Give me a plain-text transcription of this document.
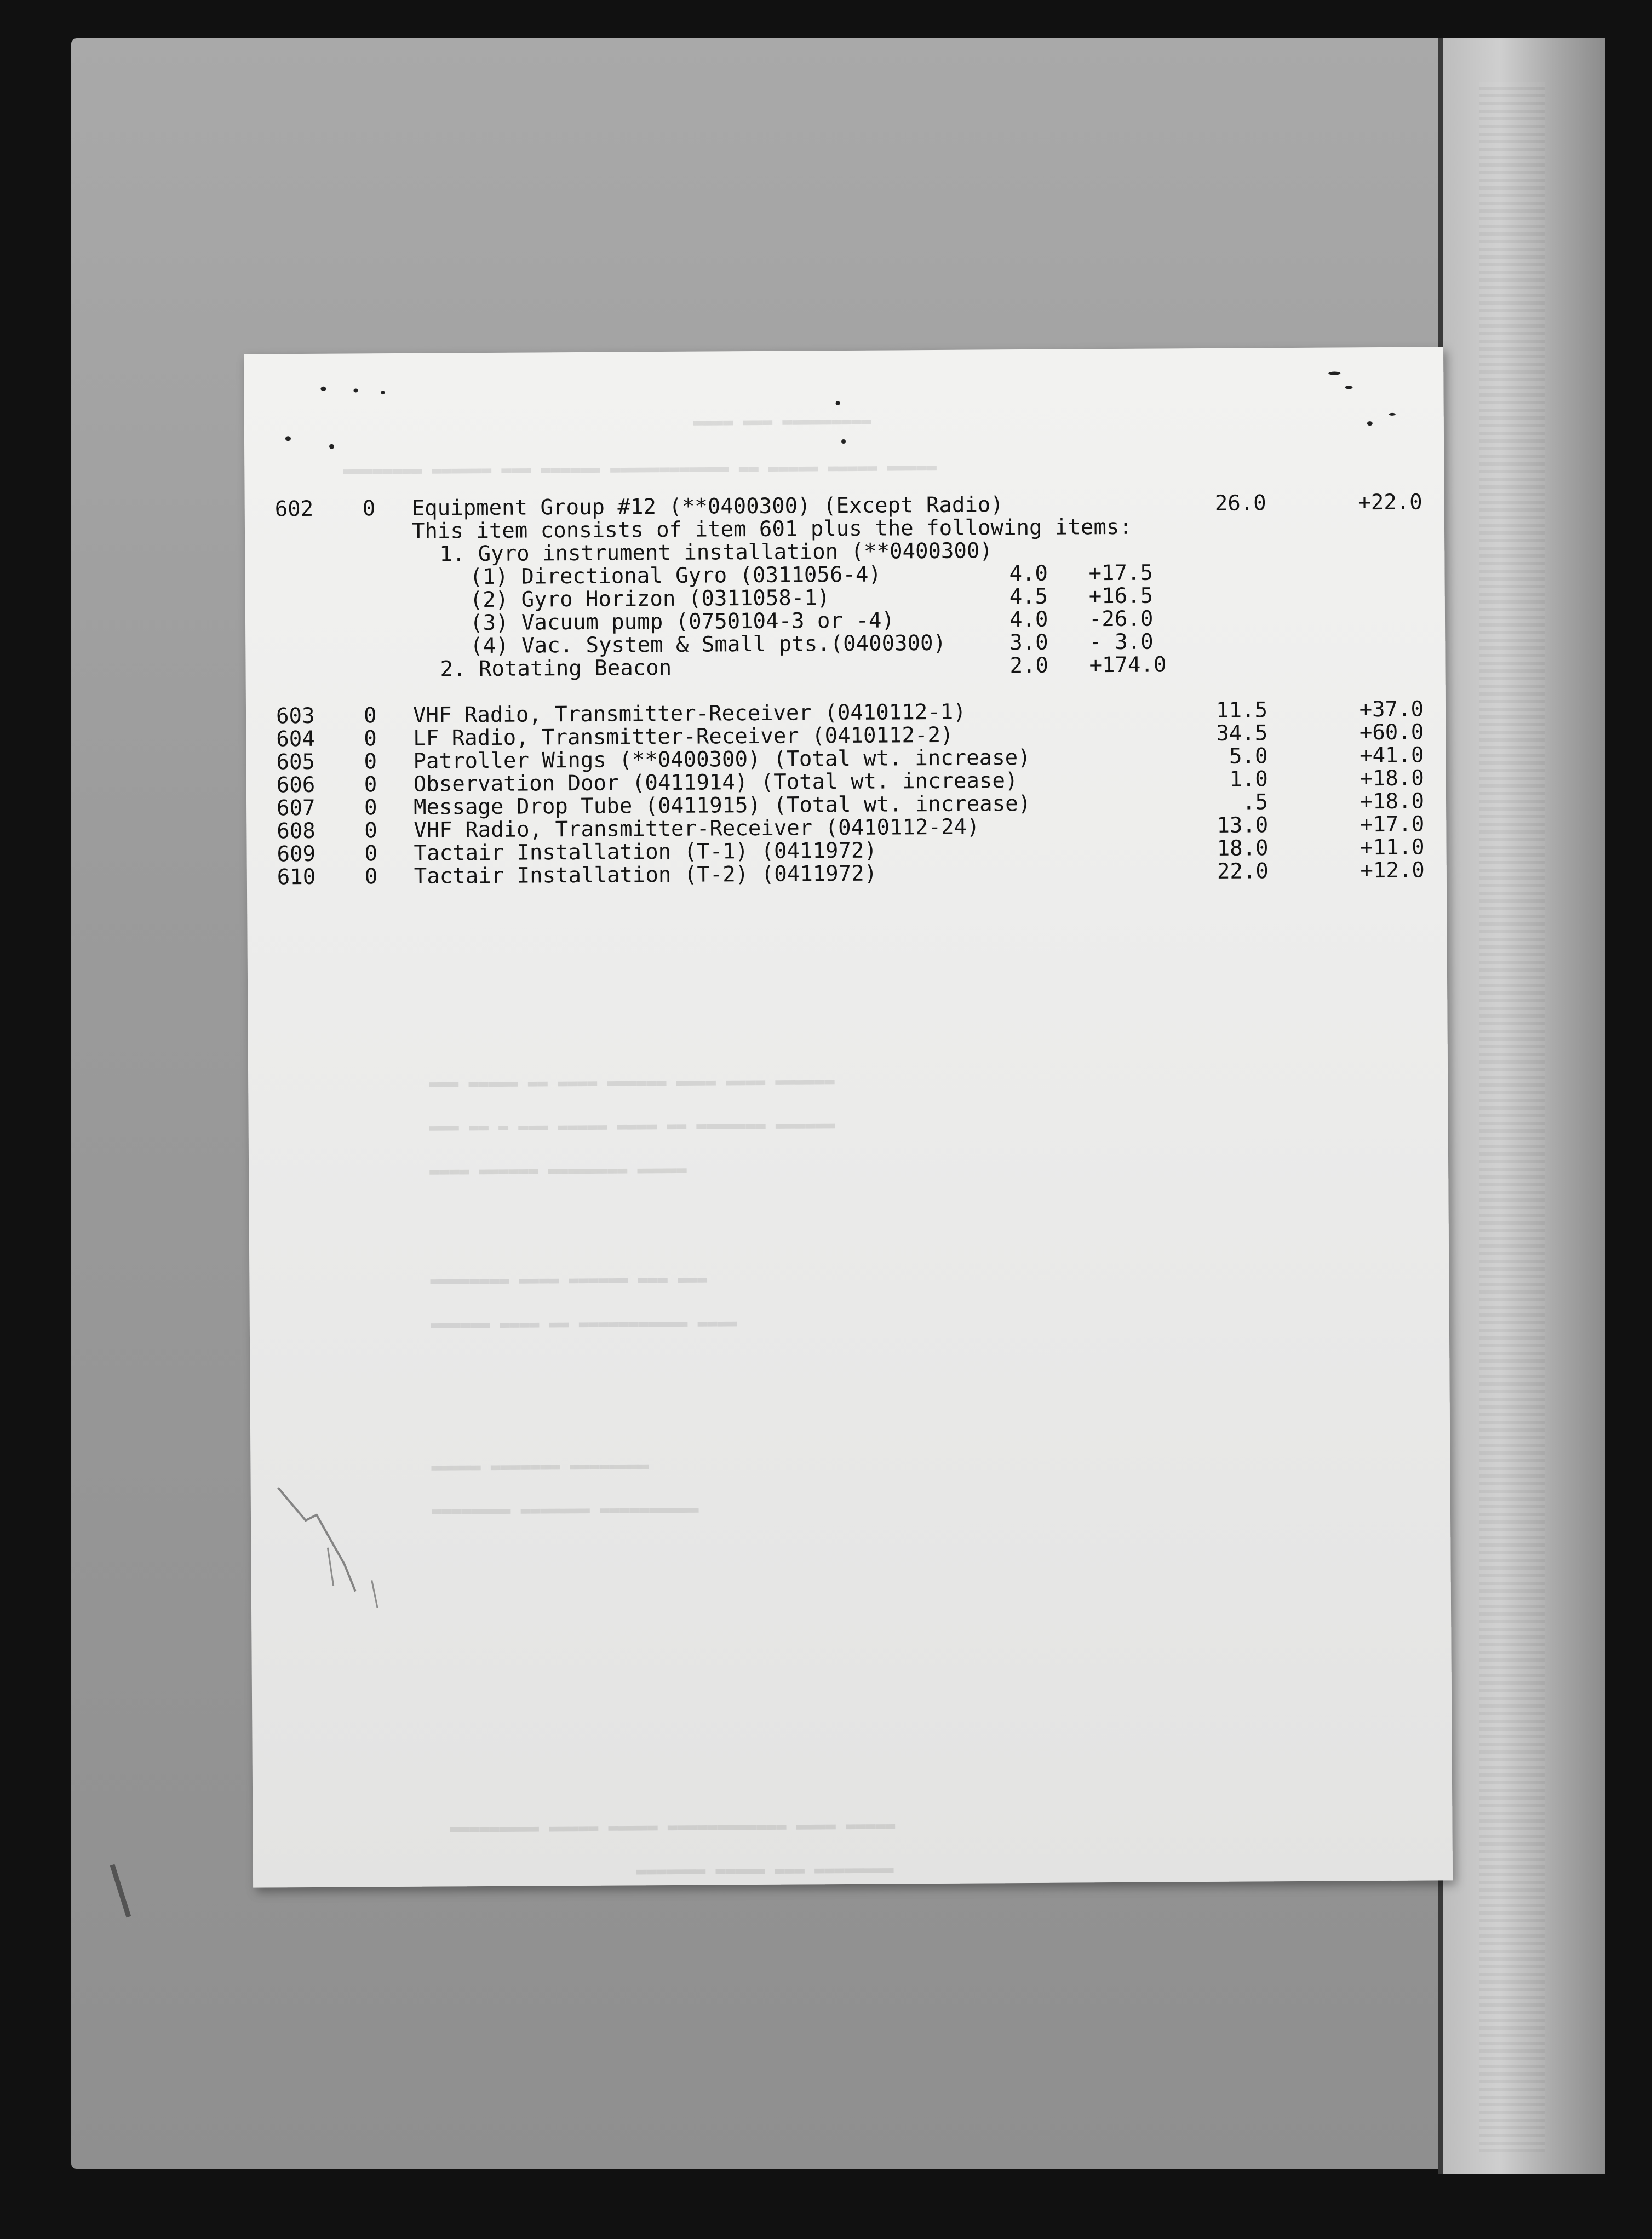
▬▬▬▬ ▬▬▬ ▬▬▬▬▬▬▬▬▬
▬▬▬▬▬▬▬▬ ▬▬▬▬▬▬ ▬▬▬ ▬▬▬▬▬▬ ▬▬▬▬▬▬▬▬▬▬▬▬ ▬▬ ▬▬▬▬▬ ▬▬▬▬▬ ▬▬▬▬▬
▬▬▬ ▬▬▬▬▬ ▬▬ ▬▬▬▬ ▬▬▬▬▬▬ ▬▬▬▬ ▬▬▬▬ ▬▬▬▬▬▬
▬▬▬ ▬▬ ▬ ▬▬▬ ▬▬▬▬▬ ▬▬▬▬ ▬▬ ▬▬▬▬▬▬▬ ▬▬▬▬▬▬
▬▬▬▬ ▬▬▬▬▬▬ ▬▬▬▬▬▬▬▬ ▬▬▬▬▬
▬▬▬▬▬▬▬▬ ▬▬▬▬ ▬▬▬▬▬▬ ▬▬▬ ▬▬▬
▬▬▬▬▬▬ ▬▬▬▬ ▬▬ ▬▬▬▬▬▬▬▬▬▬▬ ▬▬▬▬
▬▬▬▬▬ ▬▬▬▬▬▬▬ ▬▬▬▬▬▬▬▬
▬▬▬▬▬▬▬▬ ▬▬▬▬▬▬▬ ▬▬▬▬▬▬▬▬▬▬
▬▬▬▬▬▬▬▬▬ ▬▬▬▬▬ ▬▬▬▬▬ ▬▬▬▬▬▬▬▬▬▬▬▬ ▬▬▬▬ ▬▬▬▬▬
▬▬▬▬▬▬▬ ▬▬▬▬▬ ▬▬▬ ▬▬▬▬▬▬▬▬
602 0 Equipment Group #12 (**0400300) (Except Radio)	26.0	+22.0
This item consists of item 601 plus the following items:
1. Gyro instrument installation (**0400300)
(1) Directional Gyro (0311056-4)	4.0 +17.5
(2) Gyro Horizon (0311058-1)	4.5 +16.5
(3) Vacuum pump (0750104-3 or -4)	4.0 -26.0
(4) Vac. System & Small pts.(0400300)	3.0 - 3.0
2. Rotating Beacon	2.0 +174.0
603 0 VHF Radio, Transmitter-Receiver (0410112-1)	11.5	+37.0
604 0 LF Radio, Transmitter-Receiver (0410112-2)	34.5	+60.0
605 0 Patroller Wings (**0400300) (Total wt. increase)	5.0	+41.0
606 0 Observation Door (0411914) (Total wt. increase)	1.0	+18.0
607 0 Message Drop Tube (0411915) (Total wt. increase)	.5	+18.0
608 0 VHF Radio, Transmitter-Receiver (0410112-24)	13.0	+17.0
609 0 Tactair Installation (T-1) (0411972)	18.0	+11.0
610 0 Tactair Installation (T-2) (0411972)	22.0	+12.0
